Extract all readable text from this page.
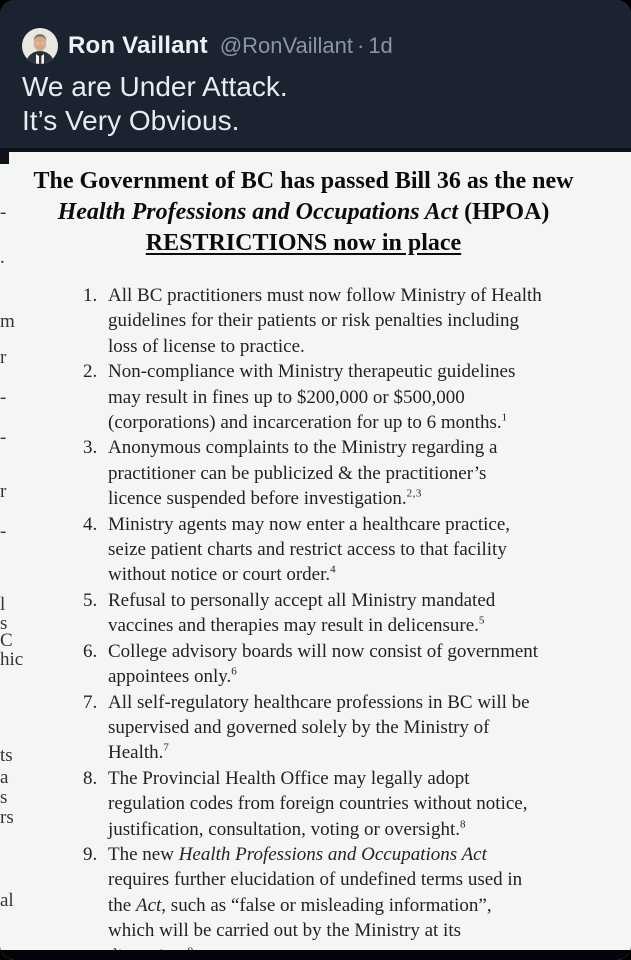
Ron Vaillant @RonVaillant · 1d
We are Under Attack.
It’s Very Obvious.
The Government of BC has passed Bill 36 as the new
Health Professions and Occupations Act (HPOA)
RESTRICTIONS now in place
1. All BC practitioners must now follow Ministry of Health
guidelines for their patients or risk penalties including
loss of license to practice.
2. Non-compliance with Ministry therapeutic guidelines
may result in fines up to $200,000 or $500,000
(corporations) and incarceration for up to 6 months.$^1$
3. Anonymous complaints to the Ministry regarding a
practitioner can be publicized & the practitioner’s
licence suspended before investigation.$^{2,3}$
4. Ministry agents may now enter a healthcare practice,
seize patient charts and restrict access to that facility
without notice or court order.$^4$
5. Refusal to personally accept all Ministry mandated
vaccines and therapies may result in delicensure.$^5$
6. College advisory boards will now consist of government
appointees only.$^6$
7. All self-regulatory healthcare professions in BC will be
supervised and governed solely by the Ministry of
Health.$^7$
8. The Provincial Health Office may legally adopt
regulation codes from foreign countries without notice,
justification, consultation, voting or oversight.$^8$
9. The new Health Professions and Occupations Act
requires further elucidation of undefined terms used in
the Act, such as “false or misleading information”,
which will be carried out by the Ministry at its
-
.
m
r
-
-
r
-
l
s
C
hic
ts
a
s
rs
al
